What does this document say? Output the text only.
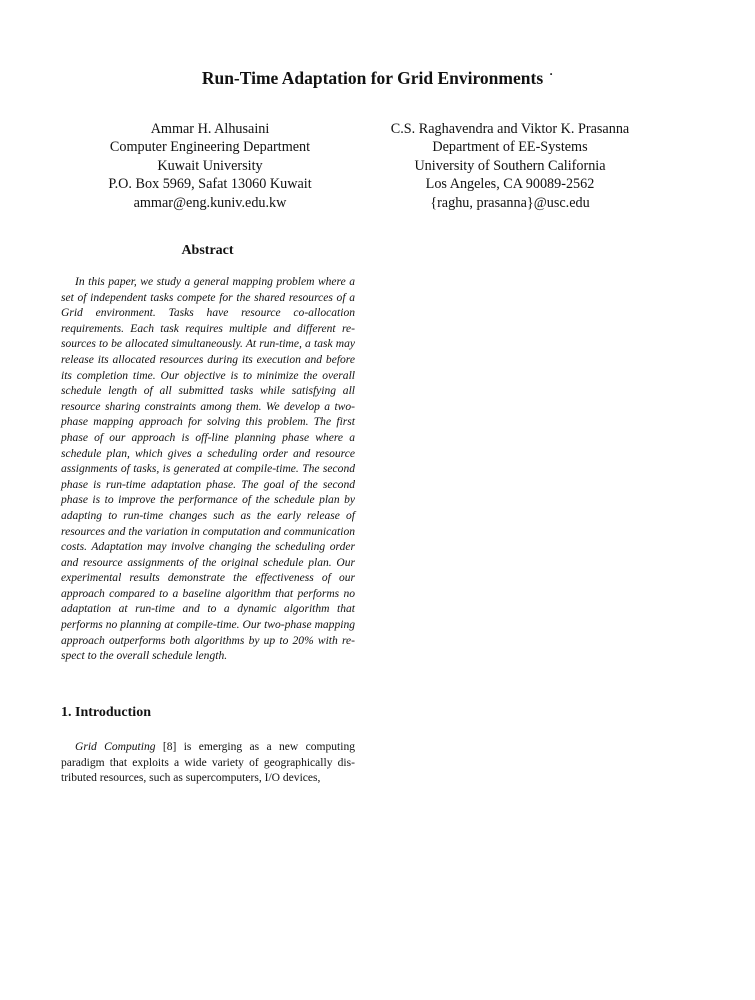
Run-Time Adaptation for Grid Environments ·
Ammar H. Alhusaini
Computer Engineering Department
Kuwait University
P.O. Box 5969, Safat 13060 Kuwait
ammar@eng.kuniv.edu.kw
C.S. Raghavendra and Viktor K. Prasanna
Department of EE-Systems
University of Southern California
Los Angeles, CA 90089-2562
{raghu, prasanna}@usc.edu
Abstract
In this paper, we study a general mapping problem where a set of independent tasks compete for the shared resources of a Grid environment. Tasks have resource co-allocation requirements. Each task requires multiple and different resources to be allocated simultaneously. At run-time, a task may release its allocated resources during its execution and before its completion time. Our objective is to minimize the overall schedule length of all submitted tasks while satisfying all resource sharing constraints among them. We develop a two-phase mapping approach for solving this problem. The first phase of our approach is off-line planning phase where a schedule plan, which gives a scheduling order and resource assignments of tasks, is generated at compile-time. The second phase is run-time adaptation phase. The goal of the second phase is to improve the performance of the schedule plan by adapting to run-time changes such as the early release of resources and the variation in computation and communication costs. Adaptation may involve changing the scheduling order and resource assignments of the original schedule plan. Our experimental results demonstrate the effectiveness of our approach compared to a baseline algorithm that performs no adaptation at run-time and to a dynamic algorithm that performs no planning at compile-time. Our two-phase mapping approach outperforms both algorithms by up to 20% with respect to the overall schedule length.
1. Introduction
Grid Computing [8] is emerging as a new computing paradigm that exploits a wide variety of geographically distributed resources, such as supercomputers, I/O devices,
